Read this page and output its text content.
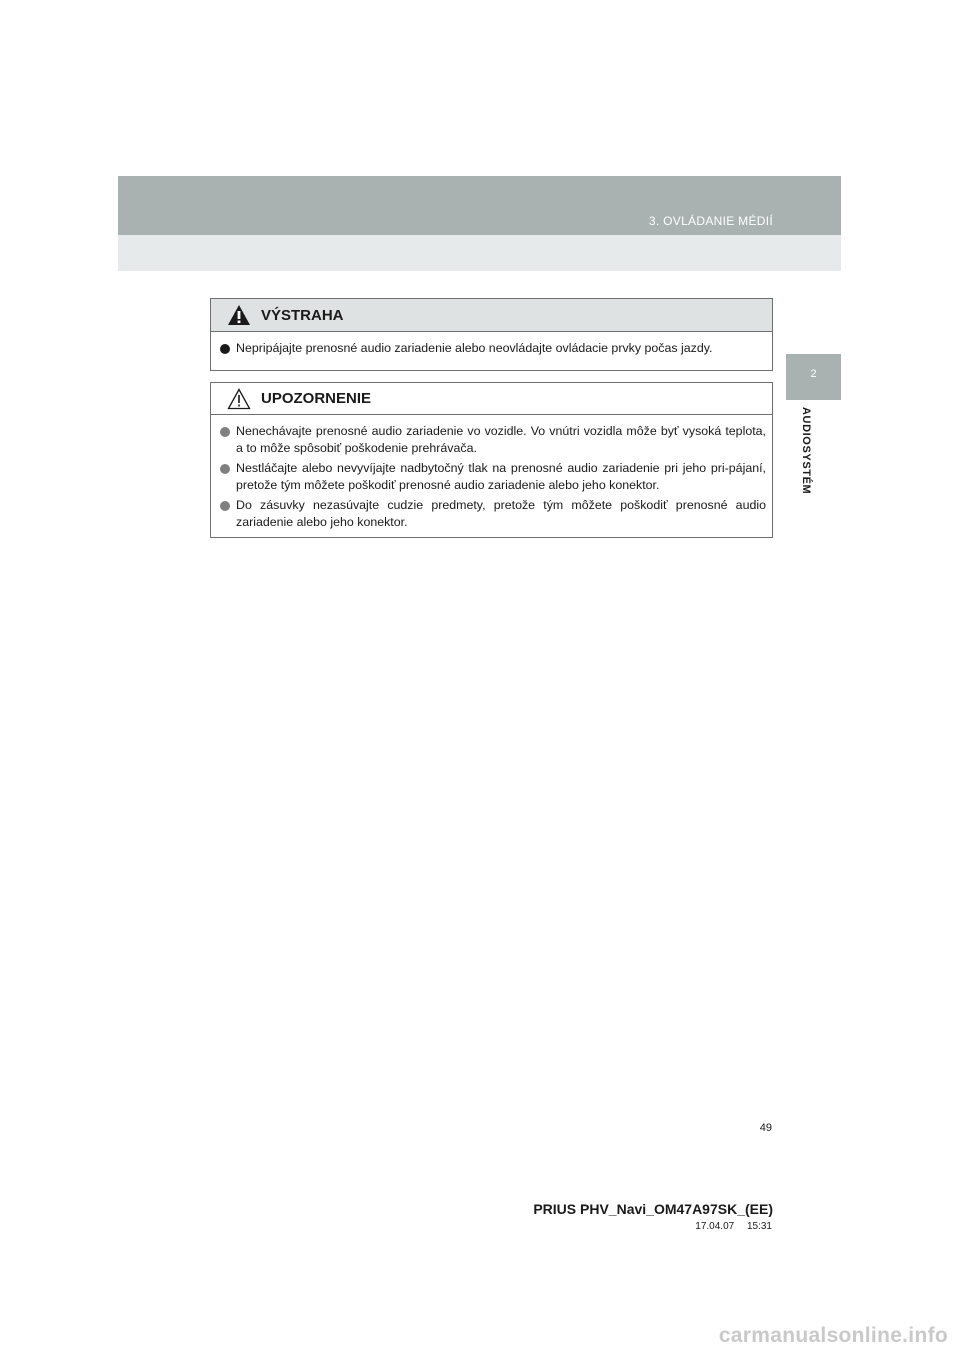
3. OVLÁDANIE MÉDIÍ
2
AUDIOSYSTÉM
VÝSTRAHA
Nepripájajte prenosné audio zariadenie alebo neovládajte ovládacie prvky počas jazdy.
UPOZORNENIE
Nenechávajte prenosné audio zariadenie vo vozidle. Vo vnútri vozidla môže byť vysoká teplota, a to môže spôsobiť poškodenie prehrávača.
Nestláčajte alebo nevyvíjajte nadbytočný tlak na prenosné audio zariadenie pri jeho pri-pájaní, pretože tým môžete poškodiť prenosné audio zariadenie alebo jeho konektor.
Do zásuvky nezasúvajte cudzie predmety, pretože tým môžete poškodiť prenosné audio zariadenie alebo jeho konektor.
49
PRIUS PHV_Navi_OM47A97SK_(EE)
17.04.07 15:31
carmanualsonline.info
